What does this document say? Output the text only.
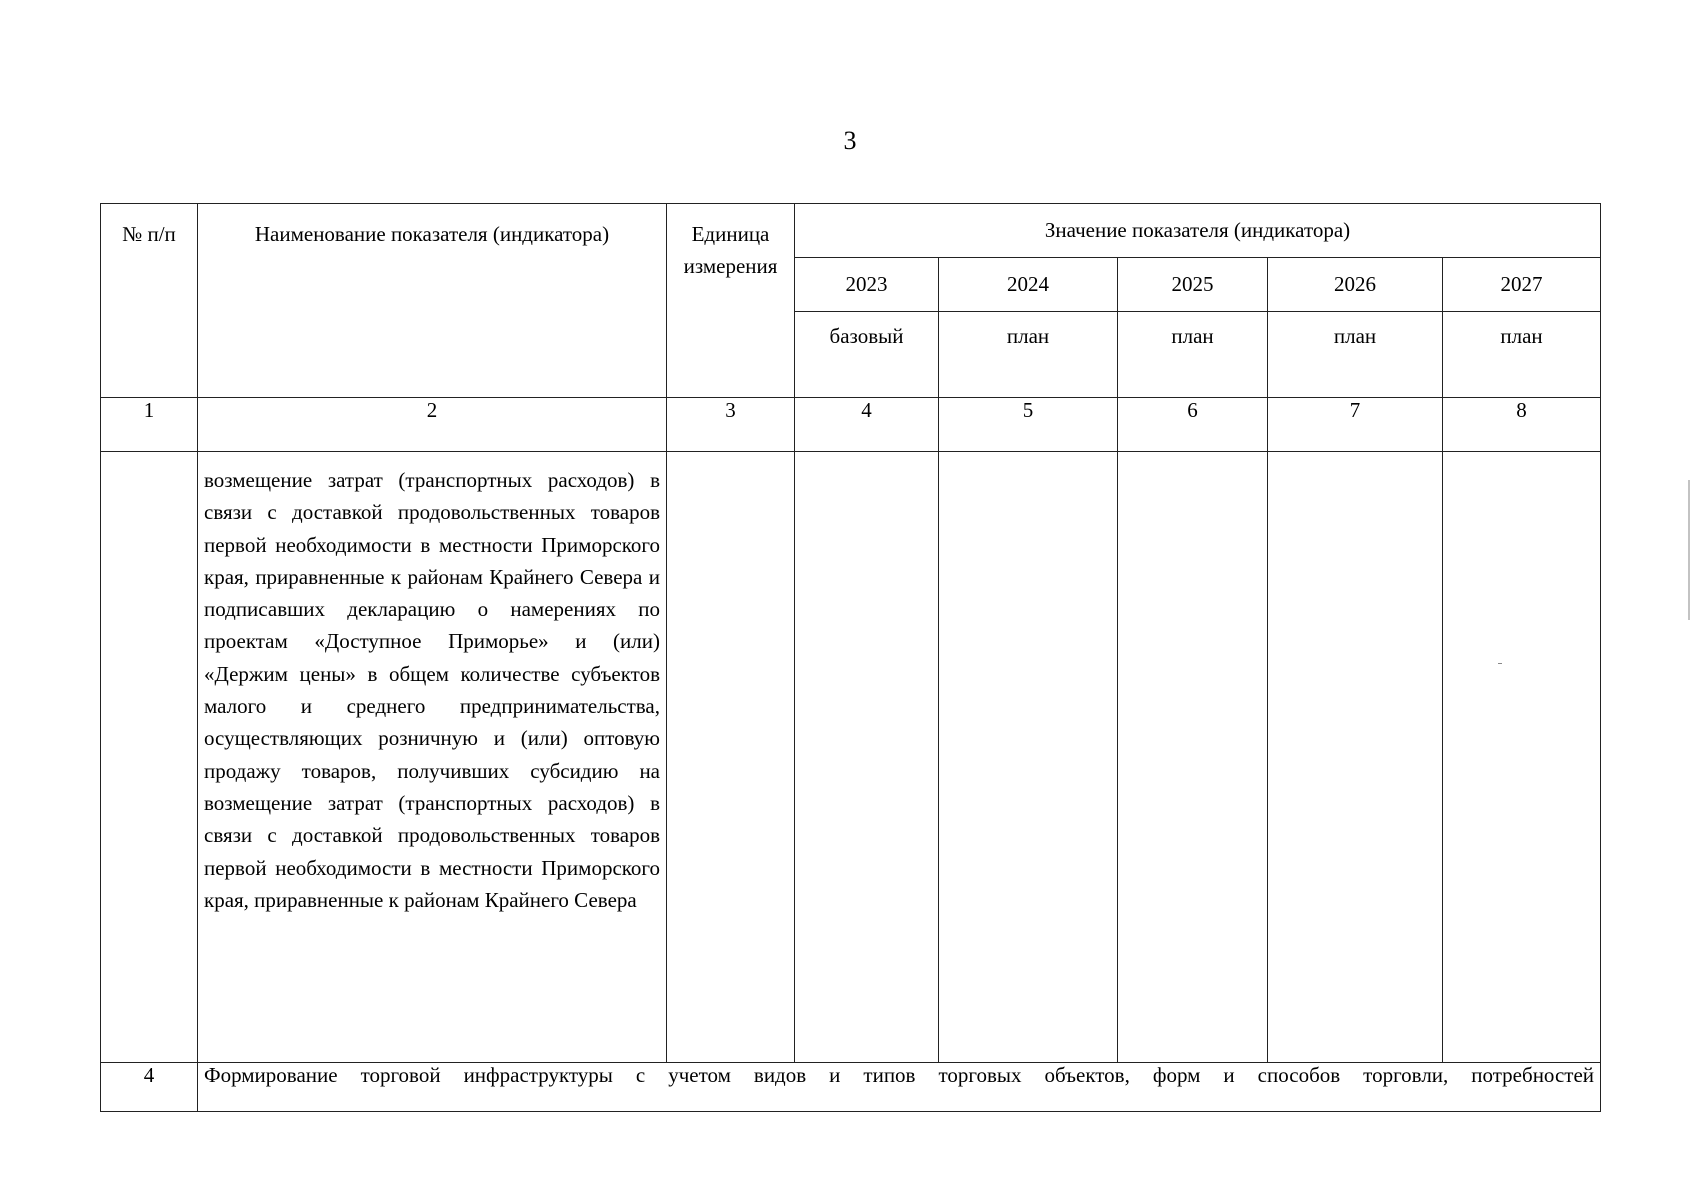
3
№ п/п	Наименование показателя (индикатора)	Единица измерения	Значение показателя (индикатора)				
			2023	2024	2025	2026	2027
			базовый	план	план	план	план
1	2	3	4	5	6	7	8
	возмещение затрат (транспортных расходов) в связи с доставкой продовольственных товаров первой необходимости в местности Приморского края, приравненные к районам Крайнего Севера и подписавших декларацию о намерениях по проектам «Доступное Приморье» и (или) «Держим цены» в общем количестве субъектов малого и среднего предпринимательства, осуществляющих розничную и (или) оптовую продажу товаров, получивших субсидию на возмещение затрат (транспортных расходов) в связи с доставкой продовольственных товаров первой необходимости в местности Приморского края, приравненные к районам Крайнего Севера						
4	Формирование торговой инфраструктуры с учетом видов и типов торговых объектов, форм и способов торговли, потребностей						
